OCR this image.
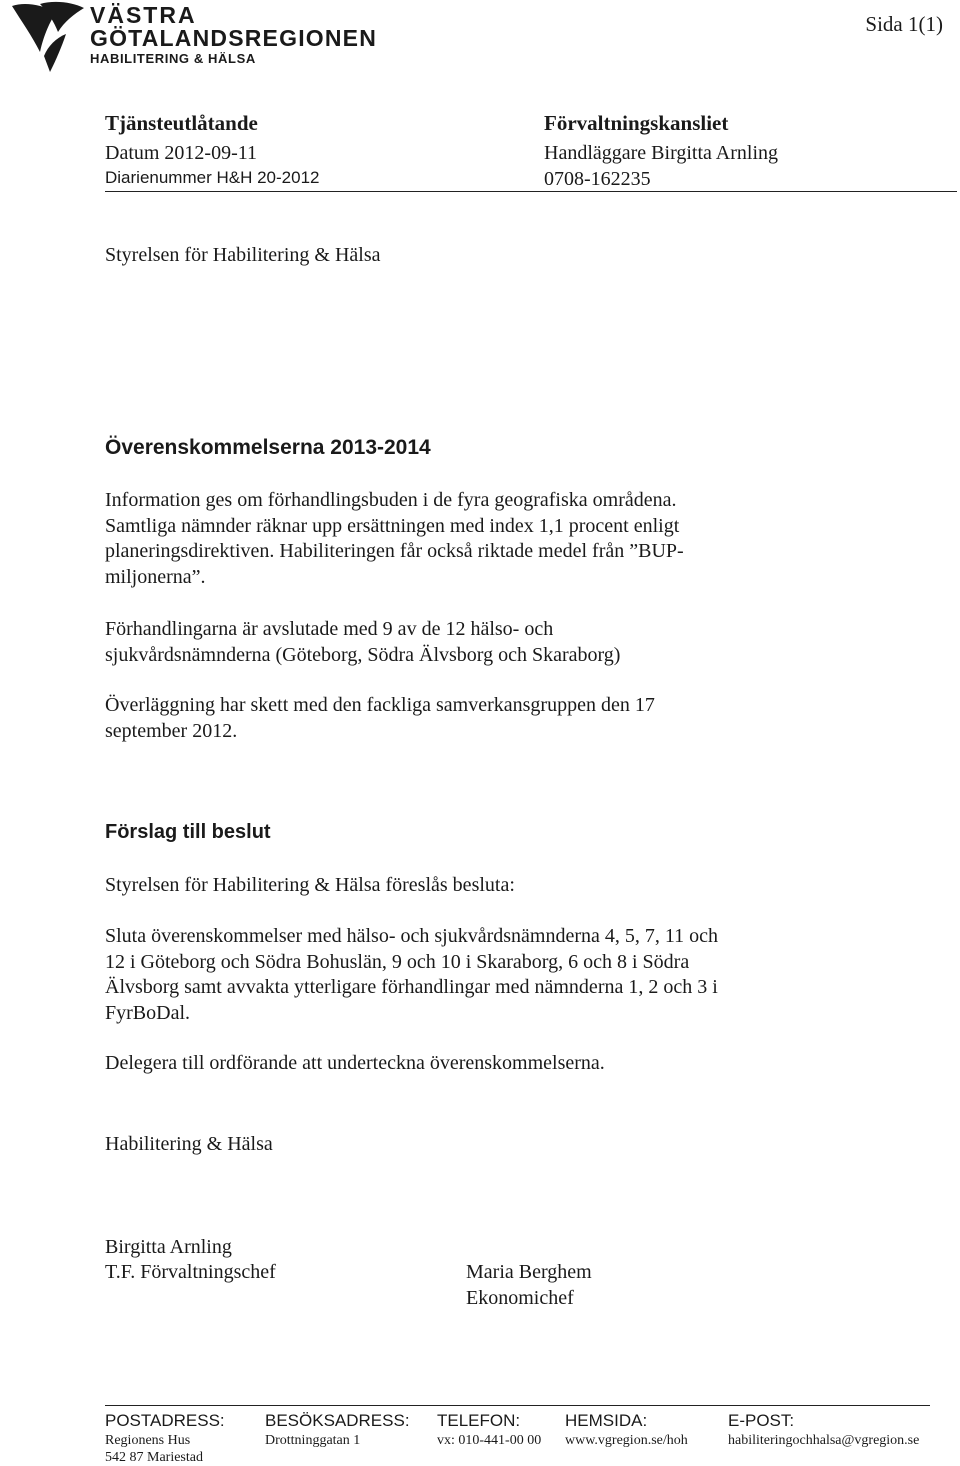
VÄSTRA
GÖTALANDSREGIONEN
HABILITERING & HÄLSA
Sida 1(1)
Tjänsteutlåtande
Datum 2012-09-11
Diarienummer H&H 20-2012
Förvaltningskansliet
Handläggare Birgitta Arnling
0708-162235
Styrelsen för Habilitering & Hälsa
Överenskommelserna 2013-2014
Information ges om förhandlingsbuden i de fyra geografiska områdena.
Samtliga nämnder räknar upp ersättningen med index 1,1 procent enligt
planeringsdirektiven. Habiliteringen får också riktade medel från ”BUP-
miljonerna”.
Förhandlingarna är avslutade med 9 av de 12 hälso- och
sjukvårdsnämnderna (Göteborg, Södra Älvsborg och Skaraborg)
Överläggning har skett med den fackliga samverkansgruppen den 17
september 2012.
Förslag till beslut
Styrelsen för Habilitering & Hälsa föreslås besluta:
Sluta överenskommelser med hälso- och sjukvårdsnämnderna 4, 5, 7, 11 och
12 i Göteborg och Södra Bohuslän, 9 och 10 i Skaraborg, 6 och 8 i Södra
Älvsborg samt avvakta ytterligare förhandlingar med nämnderna 1, 2 och 3 i
FyrBoDal.
Delegera till ordförande att underteckna överenskommelserna.
Habilitering & Hälsa
Birgitta Arnling
T.F. Förvaltningschef	Maria Berghem
Ekonomichef
POSTADRESS:
Regionens Hus
542 87 Mariestad
BESÖKSADRESS:
Drottninggatan 1
TELEFON:
vx: 010-441-00 00
HEMSIDA:
www.vgregion.se/hoh
E-POST:
habiliteringochhalsa@vgregion.se
